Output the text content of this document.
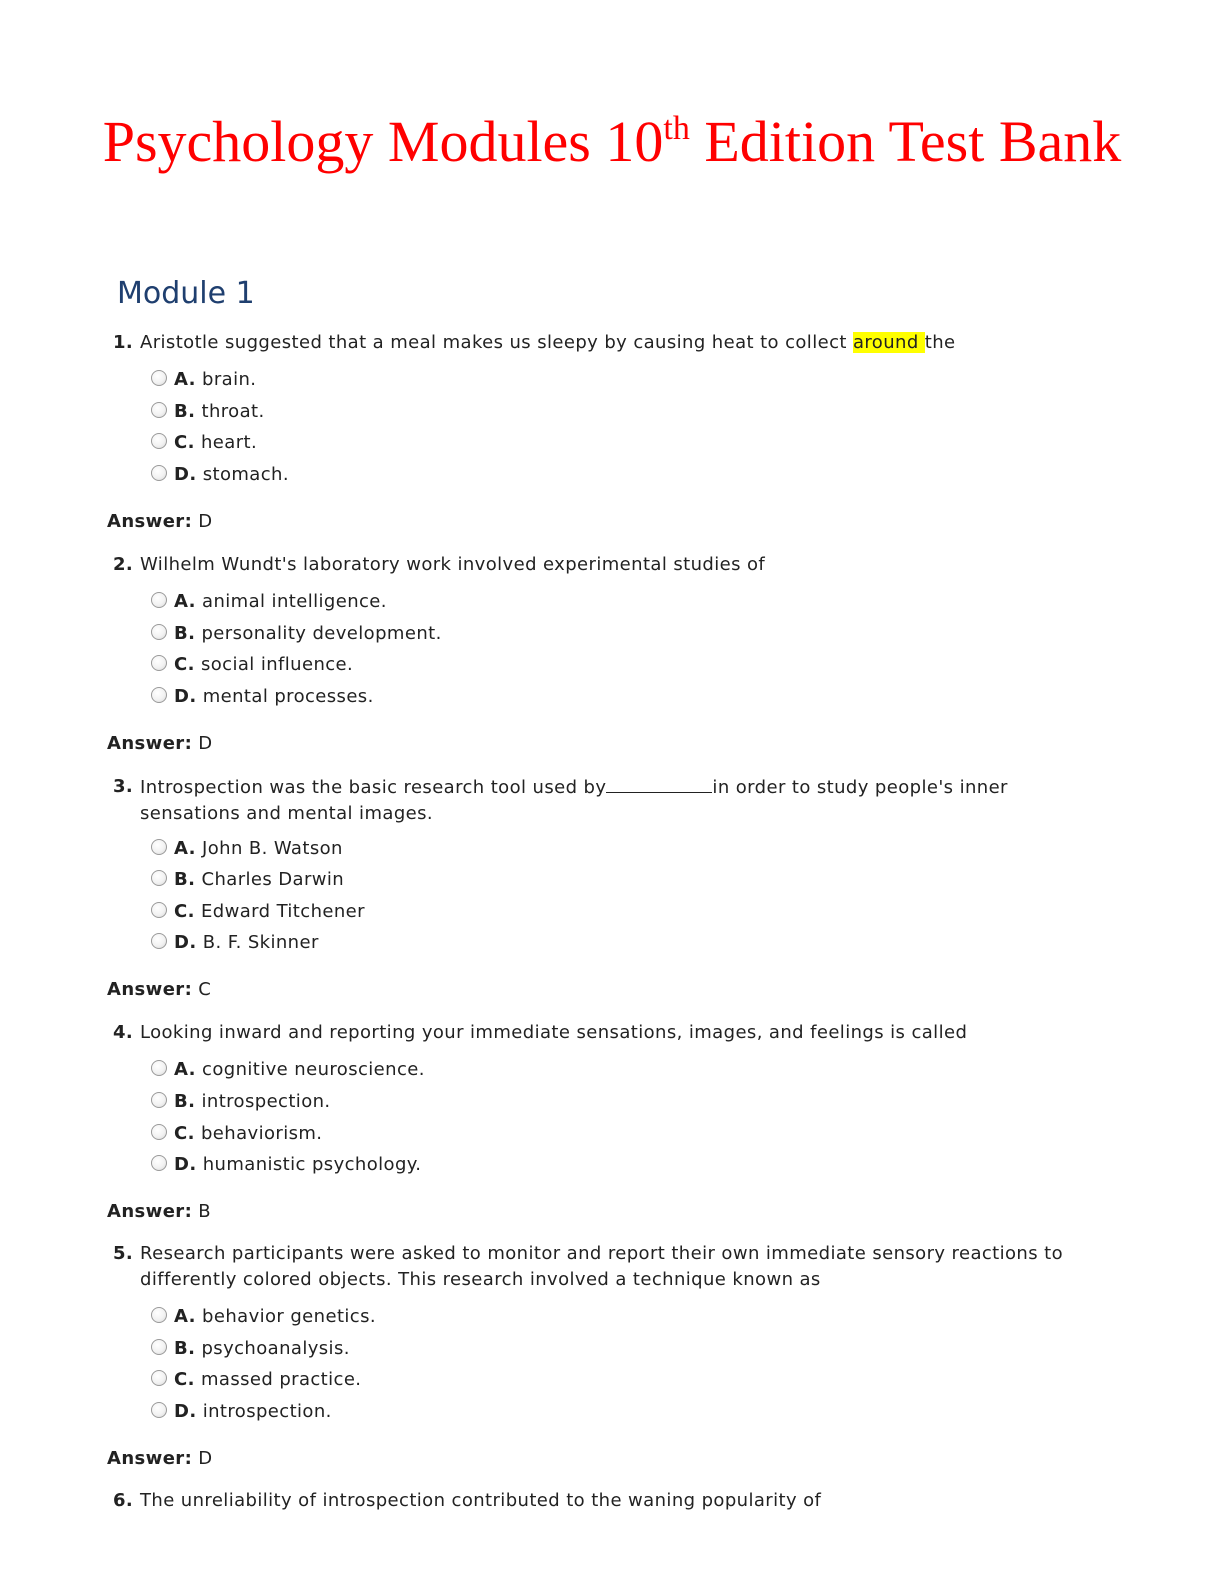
Psychology Modules 10th Edition Test Bank
Module 1
1. Aristotle suggested that a meal makes us sleepy by causing heat to collect around the
A. brain.
B. throat.
C. heart.
D. stomach.
Answer: D
2. Wilhelm Wundt's laboratory work involved experimental studies of
A. animal intelligence.
B. personality development.
C. social influence.
D. mental processes.
Answer: D
3. Introspection was the basic research tool used by	in order to study people's inner sensations and mental images.
A. John B. Watson
B. Charles Darwin
C. Edward Titchener
D. B. F. Skinner
Answer: C
4. Looking inward and reporting your immediate sensations, images, and feelings is called
A. cognitive neuroscience.
B. introspection.
C. behaviorism.
D. humanistic psychology.
Answer: B
5. Research participants were asked to monitor and report their own immediate sensory reactions to differently colored objects. This research involved a technique known as
A. behavior genetics.
B. psychoanalysis.
C. massed practice.
D. introspection.
Answer: D
6. The unreliability of introspection contributed to the waning popularity of
